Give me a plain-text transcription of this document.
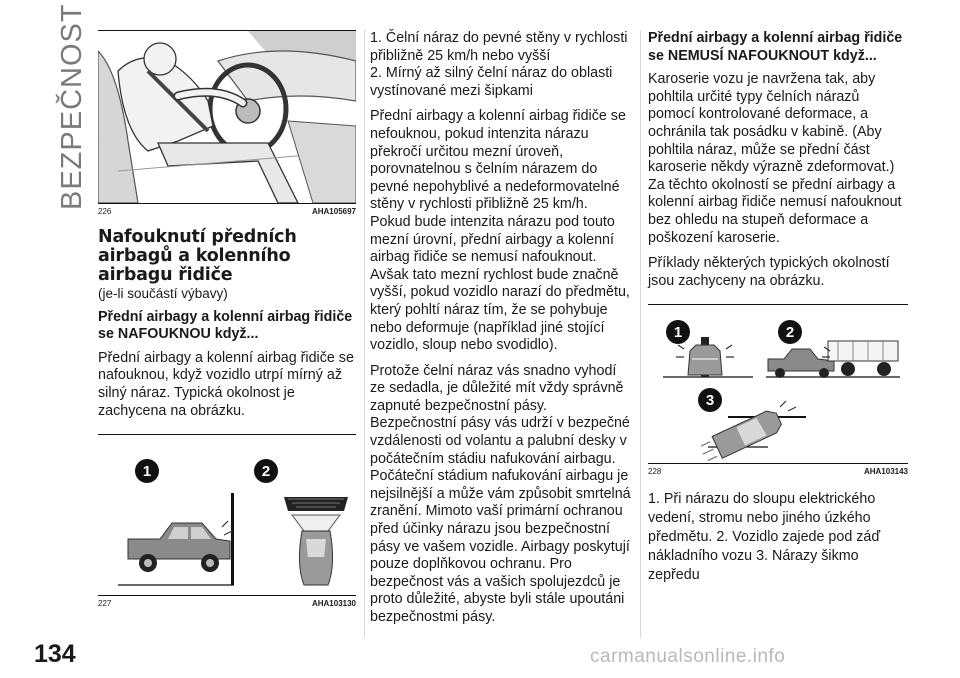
BEZPEČNOST
134	carmanualsonline.info
226	AHA105697
Nafouknutí předních airbagů a kolenního airbagu řidiče

(je-li součástí výbavy)

Přední airbagy a kolenní airbag řidiče se NAFOUKNOU když...

Přední airbagy a kolenní airbag řidiče se nafouknou, když vozidlo utrpí mírný až silný náraz. Typická okolnost je zachycena na obrázku.

1	2
227	AHA103130

1. Čelní náraz do pevné stěny v rychlosti přibližně 25 km/h nebo vyšší

2. Mírný až silný čelní náraz do oblasti vystínované mezi šipkami

Přední airbagy a kolenní airbag řidiče se nefouknou, pokud intenzita nárazu překročí určitou mezní úroveň, porovnatelnou s čelním nárazem do pevné nepohyblivé a nedeformovatelné stěny v rychlosti přibližně 25 km/h. Pokud bude intenzita nárazu pod touto mezní úrovní, přední airbagy a kolenní airbag řidiče se nemusí nafouknout. Avšak tato mezní rychlost bude značně vyšší, pokud vozidlo narazí do předmětu, který pohltí náraz tím, že se pohybuje nebo deformuje (například jiné stojící vozidlo, sloup nebo svodidlo).

Protože čelní náraz vás snadno vyhodí ze sedadla, je důležité mít vždy správně zapnuté bezpečnostní pásy. Bezpečnostní pásy vás udrží v bezpečné vzdálenosti od volantu a palubní desky v počátečním stádiu nafukování airbagu. Počáteční stádium nafukování airbagu je nejsilnější a může vám způsobit smrtelná zranění. Mimoto vaší primární ochranou před účinky nárazu jsou bezpečnostní pásy ve vašem vozidle. Airbagy poskytují pouze doplňkovou ochranu. Pro bezpečnost vás a vašich spolujezdců je proto důležité, abyste byli stále upoutáni bezpečnostmi pásy.

Přední airbagy a kolenní airbag řidiče se NEMUSÍ NAFOUKNOUT když...

Karoserie vozu je navržena tak, aby pohltila určité typy čelních nárazů pomocí kontrolované deformace, a ochránila tak posádku v kabině. (Aby pohltila náraz, může se přední část karoserie někdy výrazně zdeformovat.) Za těchto okolností se přední airbagy a kolenní airbag řidiče nemusí nafouknout bez ohledu na stupeň deformace a poškození karoserie.

Příklady některých typických okolností jsou zachyceny na obrázku.

1	2
3
228	AHA103143

1. Při nárazu do sloupu elektrického vedení, stromu nebo jiného úzkého předmětu. 2. Vozidlo zajede pod záď nákladního vozu 3. Nárazy šikmo zepředu
